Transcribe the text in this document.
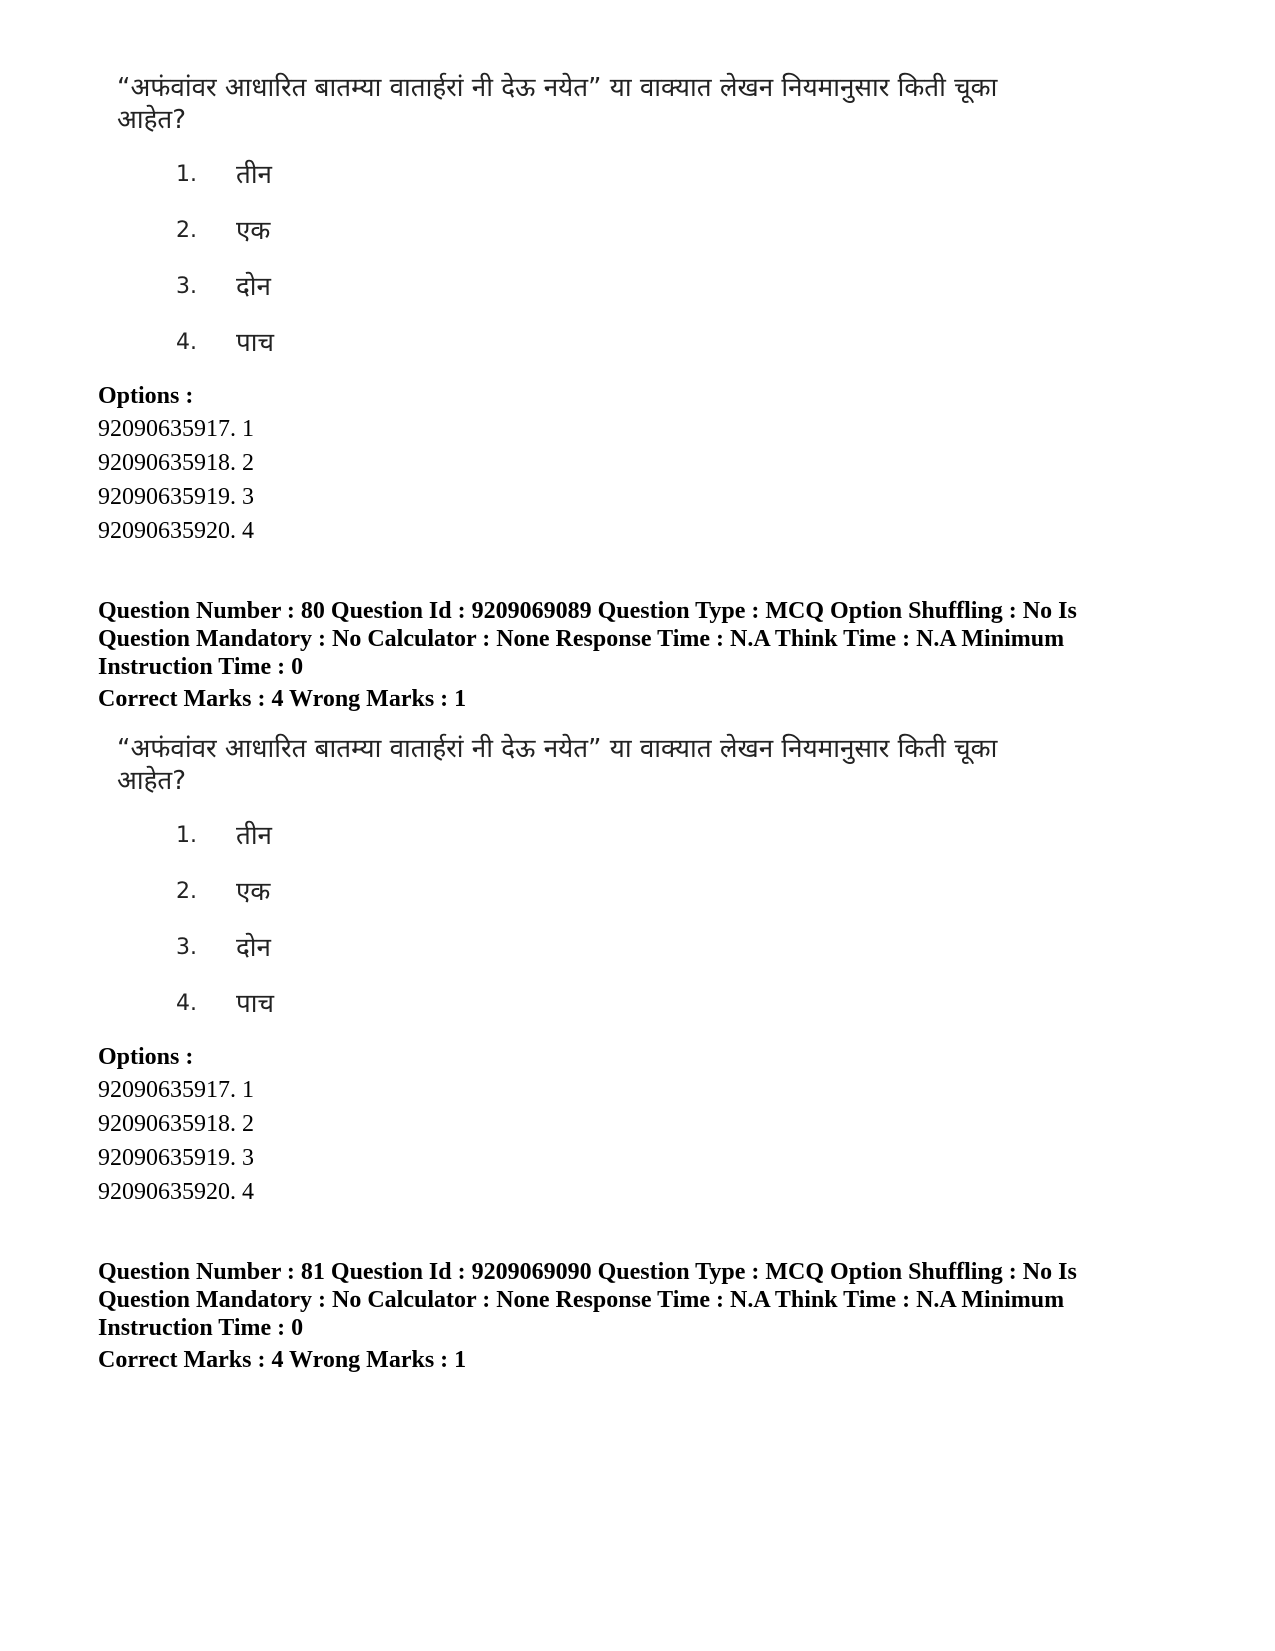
“अफंवांवर आधारित बातम्या वातार्हरां नी देऊ नयेत” या वाक्यात लेखन नियमानुसार किती चूका आहेत?
1.	तीन
2.	एक
3.	दोन
4.	पाच
Options :
92090635917. 1
92090635918. 2
92090635919. 3
92090635920. 4
Question Number : 80 Question Id : 9209069089 Question Type : MCQ Option Shuffling : No Is Question Mandatory : No Calculator : None Response Time : N.A Think Time : N.A Minimum Instruction Time : 0
Correct Marks : 4 Wrong Marks : 1
“अफंवांवर आधारित बातम्या वातार्हरां नी देऊ नयेत” या वाक्यात लेखन नियमानुसार किती चूका आहेत?
1.	तीन
2.	एक
3.	दोन
4.	पाच
Options :
92090635917. 1
92090635918. 2
92090635919. 3
92090635920. 4
Question Number : 81 Question Id : 9209069090 Question Type : MCQ Option Shuffling : No Is Question Mandatory : No Calculator : None Response Time : N.A Think Time : N.A Minimum Instruction Time : 0
Correct Marks : 4 Wrong Marks : 1
